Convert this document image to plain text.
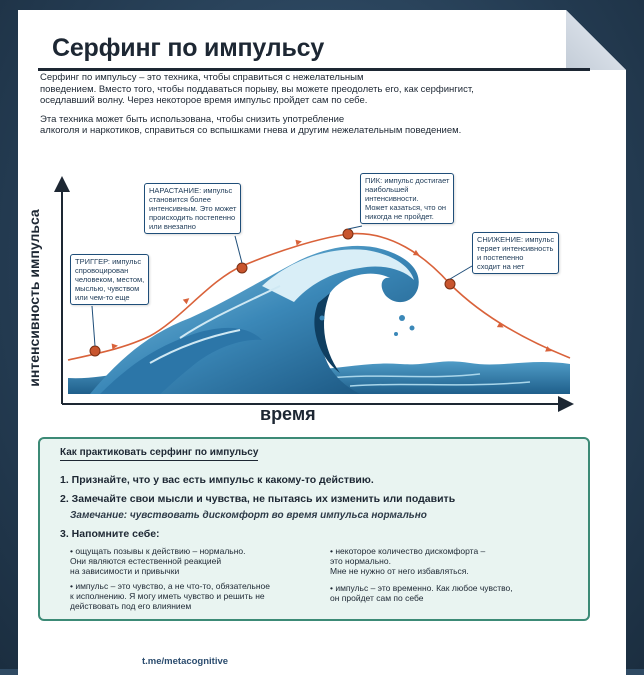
Серфинг по импульсу

Серфинг по импульсу – это техника, чтобы справиться с нежелательным
поведением. Вместо того, чтобы поддаваться порыву, вы можете преодолеть его, как серфингист,
оседлавший волну. Через некоторое время импульс пройдет сам по себе.

Эта техника может быть использована, чтобы снизить употребление
алкоголя и наркотиков, справиться со вспышками гнева и другим нежелательным поведением.

ТРИГГЕР: импульс
спровоцирован
человеком, местом,
мыслью, чувством
или чем-то еще
НАРАСТАНИЕ: импульс
становится более
интенсивным. Это может
происходить постепенно
или внезапно
ПИК: импульс достигает
наибольшей
интенсивности.
Может казаться, что он
никогда не пройдет.
СНИЖЕНИЕ: импульс
теряет интенсивность
и постепенно
сходит на нет
интенсивность импульса
время
Как практиковать серфинг по импульсу
1. Признайте, что у вас есть импульс к какому-то действию.
2. Замечайте свои мысли и чувства, не пытаясь их изменить или подавить
Замечание: чувствовать дискомфорт во время импульса нормально
3. Напомните себе:
• ощущать позывы к действию – нормально.
Они являются естественной реакцией
на зависимости и привычки
• некоторое количество дискомфорта –
это нормально.
Мне не нужно от него избавляться.
• импульс – это чувство, а не что-то, обязательное
к исполнению. Я могу иметь чувство и решить не
действовать под его влиянием
• импульс – это временно. Как любое чувство,
он пройдет сам по себе
t.me/metacognitive
